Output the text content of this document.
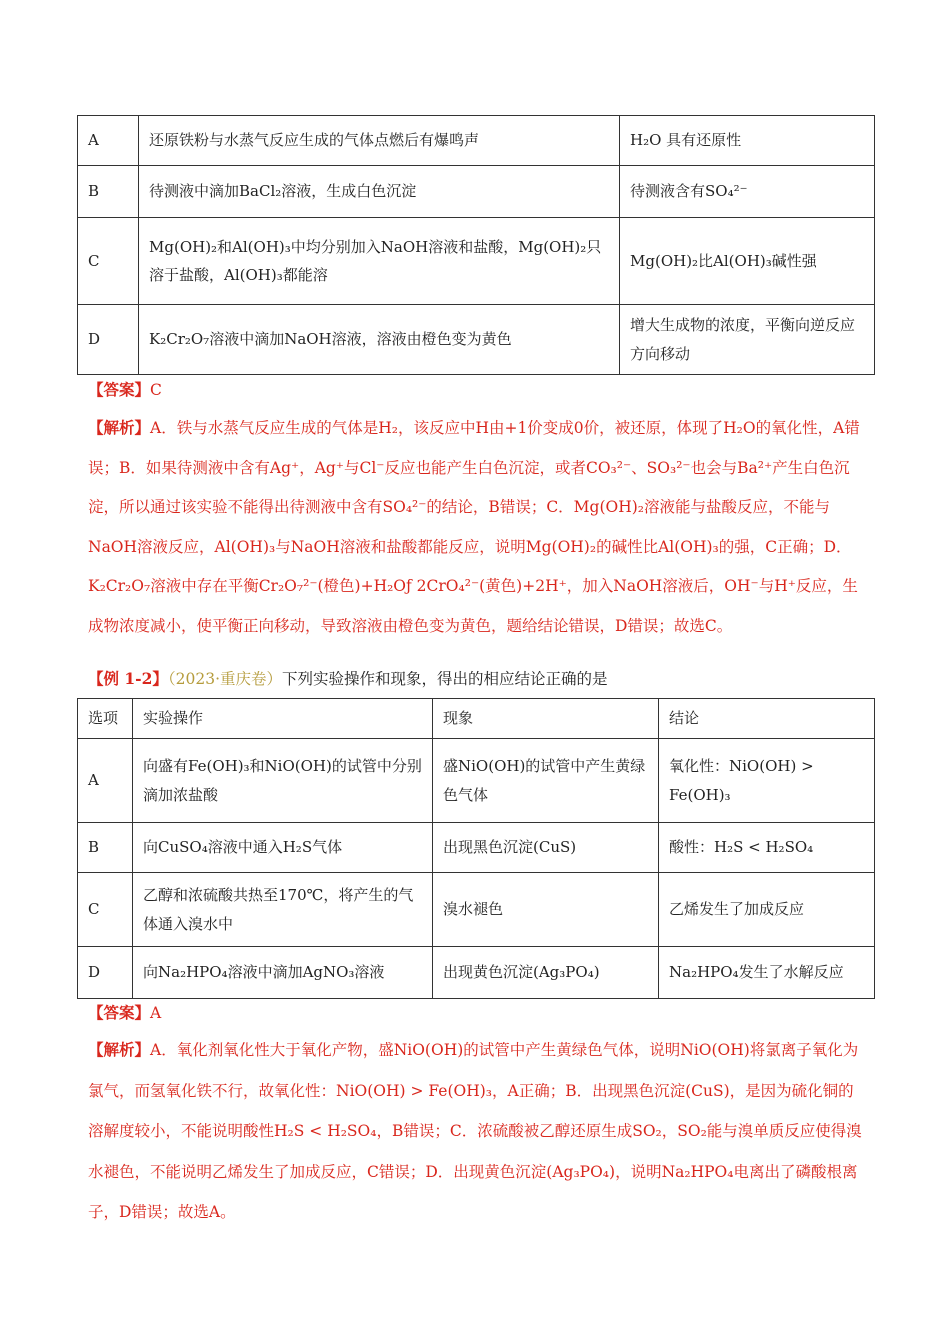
A	还原铁粉与水蒸气反应生成的气体点燃后有爆鸣声	H₂O 具有还原性
B	待测液中滴加BaCl₂溶液，生成白色沉淀	待测液含有SO₄²⁻
C	Mg(OH)₂和Al(OH)₃中均分别加入NaOH溶液和盐酸，Mg(OH)₂只溶于盐酸，Al(OH)₃都能溶	Mg(OH)₂比Al(OH)₃碱性强
D	K₂Cr₂O₇溶液中滴加NaOH溶液，溶液由橙色变为黄色	增大生成物的浓度，平衡向逆反应方向移动
【答案】C
【解析】A．铁与水蒸气反应生成的气体是H₂，该反应中H由+1价变成0价，被还原，体现了H₂O的氧化性，A错误；B．如果待测液中含有Ag⁺，Ag⁺与Cl⁻反应也能产生白色沉淀，或者CO₃²⁻、SO₃²⁻也会与Ba²⁺产生白色沉淀，所以通过该实验不能得出待测液中含有SO₄²⁻的结论，B错误；C．Mg(OH)₂溶液能与盐酸反应，不能与NaOH溶液反应，Al(OH)₃与NaOH溶液和盐酸都能反应，说明Mg(OH)₂的碱性比Al(OH)₃的强，C正确；D．K₂Cr₂O₇溶液中存在平衡Cr₂O₇²⁻(橙色)+H₂Oƒ 2CrO₄²⁻(黄色)+2H⁺，加入NaOH溶液后，OH⁻与H⁺反应，生成物浓度减小，使平衡正向移动，导致溶液由橙色变为黄色，题给结论错误，D错误；故选C。
【例 1-2】（2023·重庆卷）下列实验操作和现象，得出的相应结论正确的是
选项	实验操作	现象	结论
A	向盛有Fe(OH)₃和NiO(OH)的试管中分别滴加浓盐酸	盛NiO(OH)的试管中产生黄绿色气体	氧化性：NiO(OH) > Fe(OH)₃
B	向CuSO₄溶液中通入H₂S气体	出现黑色沉淀(CuS)	酸性：H₂S < H₂SO₄
C	乙醇和浓硫酸共热至170℃，将产生的气体通入溴水中	溴水褪色	乙烯发生了加成反应
D	向Na₂HPO₄溶液中滴加AgNO₃溶液	出现黄色沉淀(Ag₃PO₄)	Na₂HPO₄发生了水解反应
【答案】A
【解析】A．氧化剂氧化性大于氧化产物，盛NiO(OH)的试管中产生黄绿色气体，说明NiO(OH)将氯离子氧化为氯气，而氢氧化铁不行，故氧化性：NiO(OH) > Fe(OH)₃，A正确；B．出现黑色沉淀(CuS)，是因为硫化铜的溶解度较小，不能说明酸性H₂S < H₂SO₄，B错误；C．浓硫酸被乙醇还原生成SO₂，SO₂能与溴单质反应使得溴水褪色，不能说明乙烯发生了加成反应，C错误；D．出现黄色沉淀(Ag₃PO₄)，说明Na₂HPO₄电离出了磷酸根离子，D错误；故选A。
